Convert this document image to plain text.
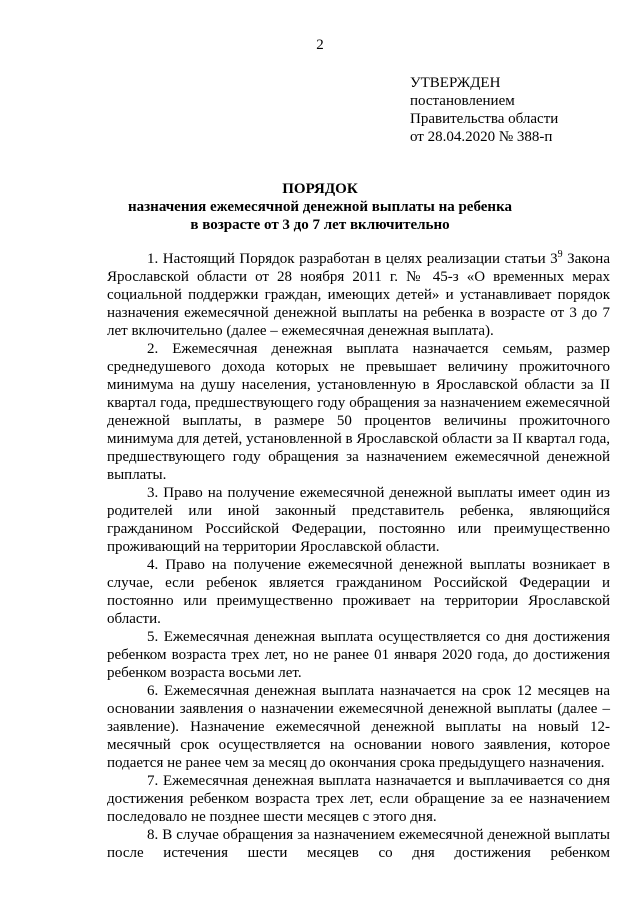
2
УТВЕРЖДЕН
постановлением
Правительства области
от 28.04.2020 № 388-п
ПОРЯДОК
назначения ежемесячной денежной выплаты на ребенка
в возрасте от 3 до 7 лет включительно

1. Настоящий Порядок разработан в целях реализации статьи $3^9$ Закона Ярославской области от 28 ноября 2011 г. № 45-з «О временных мерах социальной поддержки граждан, имеющих детей» и устанавливает порядок назначения ежемесячной денежной выплаты на ребенка в возрасте от 3 до 7 лет включительно (далее – ежемесячная денежная выплата).

2. Ежемесячная денежная выплата назначается семьям, размер среднедушевого дохода которых не превышает величину прожиточного минимума на душу населения, установленную в Ярославской области за II квартал года, предшествующего году обращения за назначением ежемесячной денежной выплаты, в размере 50 процентов величины прожиточного минимума для детей, установленной в Ярославской области за II квартал года, предшествующего году обращения за назначением ежемесячной денежной выплаты.

3. Право на получение ежемесячной денежной выплаты имеет один из родителей или иной законный представитель ребенка, являющийся гражданином Российской Федерации, постоянно или преимущественно проживающий на территории Ярославской области.

4. Право на получение ежемесячной денежной выплаты возникает в случае, если ребенок является гражданином Российской Федерации и постоянно или преимущественно проживает на территории Ярославской области.

5. Ежемесячная денежная выплата осуществляется со дня достижения ребенком возраста трех лет, но не ранее 01 января 2020 года, до достижения ребенком возраста восьми лет.

6. Ежемесячная денежная выплата назначается на срок 12 месяцев на основании заявления о назначении ежемесячной денежной выплаты (далее – заявление). Назначение ежемесячной денежной выплаты на новый 12-месячный срок осуществляется на основании нового заявления, которое подается не ранее чем за месяц до окончания срока предыдущего назначения.

7. Ежемесячная денежная выплата назначается и выплачивается со дня достижения ребенком возраста трех лет, если обращение за ее назначением последовало не позднее шести месяцев с этого дня.

8. В случае обращения за назначением ежемесячной денежной выплаты после истечения шести месяцев со дня достижения ребенком
